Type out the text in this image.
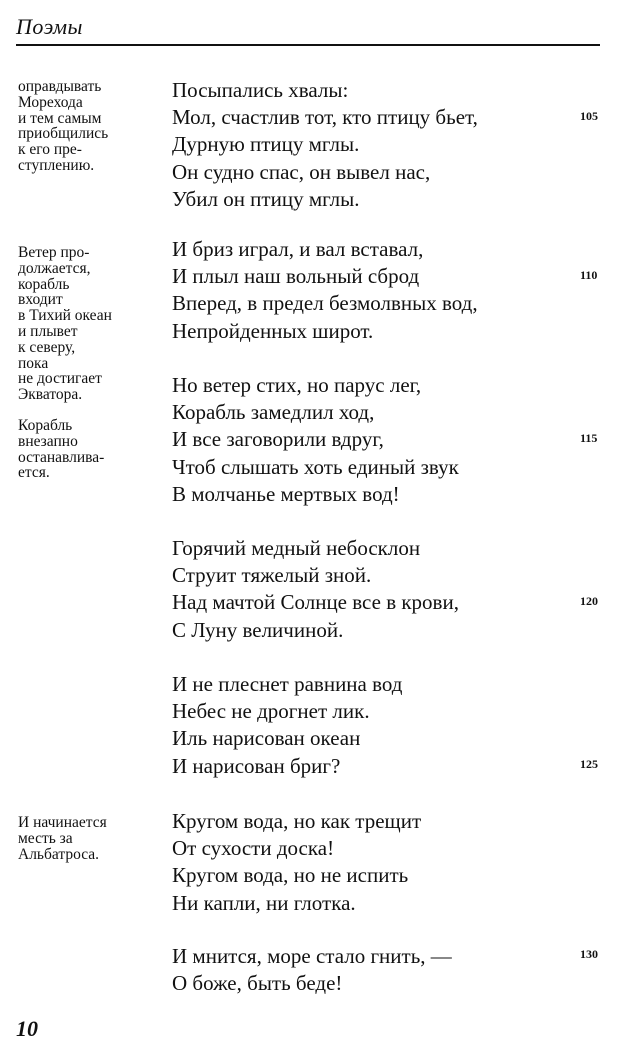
Поэмы
оправдывать
Морехода
и тем самым
приобщились
к его пре-
ступлению.
Ветер про-
должается,
корабль
входит
в Тихий океан
и плывет
к северу,
пока
не достигает
Экватора.
Корабль
внезапно
останавлива-
ется.
И начинается
месть за
Альбатроса.
Посыпались хвалы:
Мол, счастлив тот, кто птицу бьет,
Дурную птицу мглы.
Он судно спас, он вывел нас,
Убил он птицу мглы.
И бриз играл, и вал вставал,
И плыл наш вольный сброд
Вперед, в предел безмолвных вод,
Непройденных широт.
Но ветер стих, но парус лег,
Корабль замедлил ход,
И все заговорили вдруг,
Чтоб слышать хоть единый звук
В молчанье мертвых вод!
Горячий медный небосклон
Струит тяжелый зной.
Над мачтой Солнце все в крови,
С Луну величиной.
И не плеснет равнина вод
Небес не дрогнет лик.
Иль нарисован океан
И нарисован бриг?
Кругом вода, но как трещит
От сухости доска!
Кругом вода, но не испить
Ни капли, ни глотка.
И мнится, море стало гнить, —
О боже, быть беде!
105
110
115
120
125
130
10
